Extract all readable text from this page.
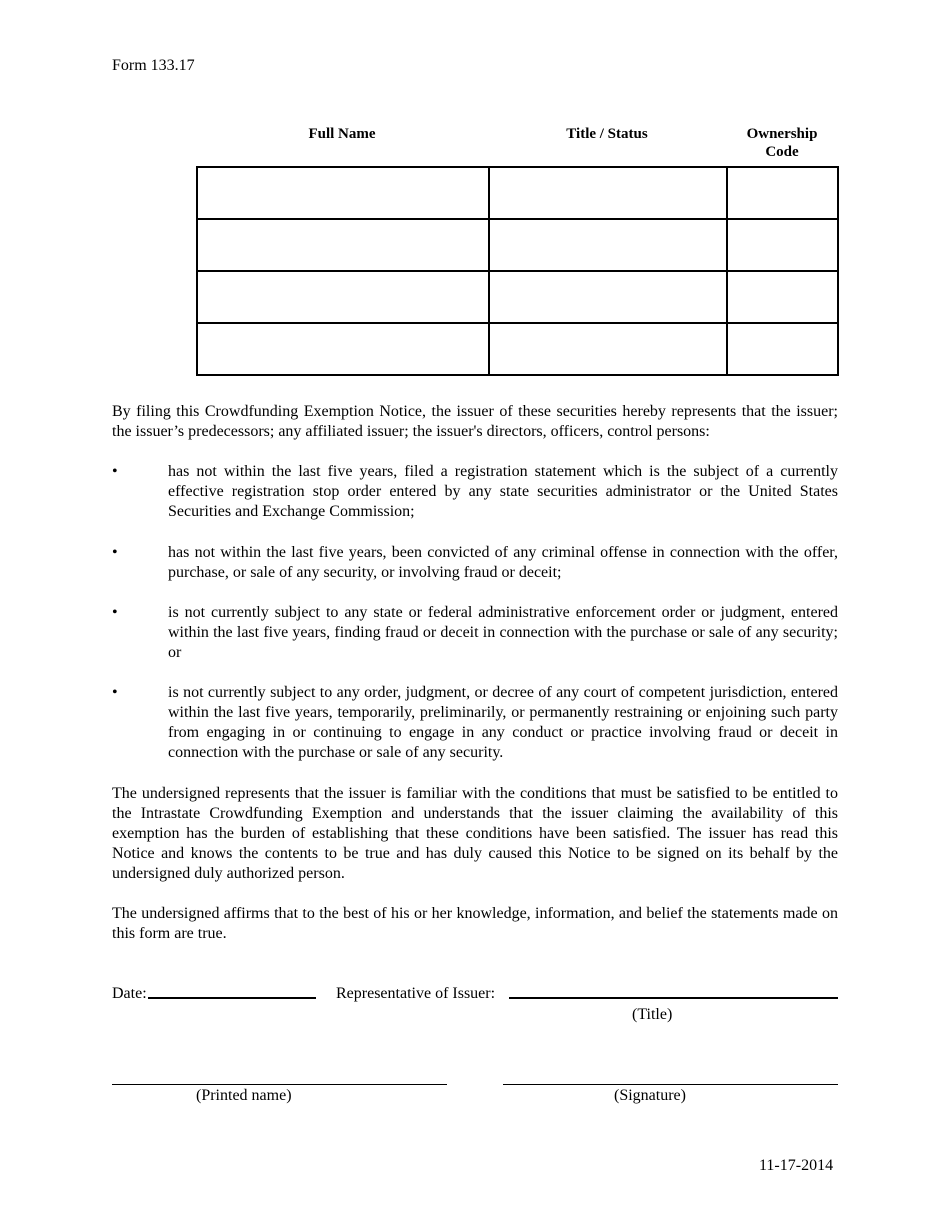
Form 133.17
Full Name	Title / Status	Ownership
Code

By filing this Crowdfunding Exemption Notice, the issuer of these securities hereby represents that the issuer; the issuer’s predecessors; any affiliated issuer; the issuer's directors, officers, control persons:
•	has not within the last five years, filed a registration statement which is the subject of a currently effective registration stop order entered by any state securities administrator or the United States Securities and Exchange Commission;
•	has not within the last five years, been convicted of any criminal offense in connection with the offer, purchase, or sale of any security, or involving fraud or deceit;
•	is not currently subject to any state or federal administrative enforcement order or judgment, entered within the last five years, finding fraud or deceit in connection with the purchase or sale of any security; or
•	is not currently subject to any order, judgment, or decree of any court of competent jurisdiction, entered within the last five years, temporarily, preliminarily, or permanently restraining or enjoining such party from engaging in or continuing to engage in any conduct or practice involving fraud or deceit in connection with the purchase or sale of any security.
The undersigned represents that the issuer is familiar with the conditions that must be satisfied to be entitled to the Intrastate Crowdfunding Exemption and understands that the issuer claiming the availability of this exemption has the burden of establishing that these conditions have been satisfied. The issuer has read this Notice and knows the contents to be true and has duly caused this Notice to be signed on its behalf by the undersigned duly authorized person.
The undersigned affirms that to the best of his or her knowledge, information, and belief the statements made on this form are true.
Date:	Representative of Issuer:
(Title)
(Printed name)	(Signature)
11-17-2014
